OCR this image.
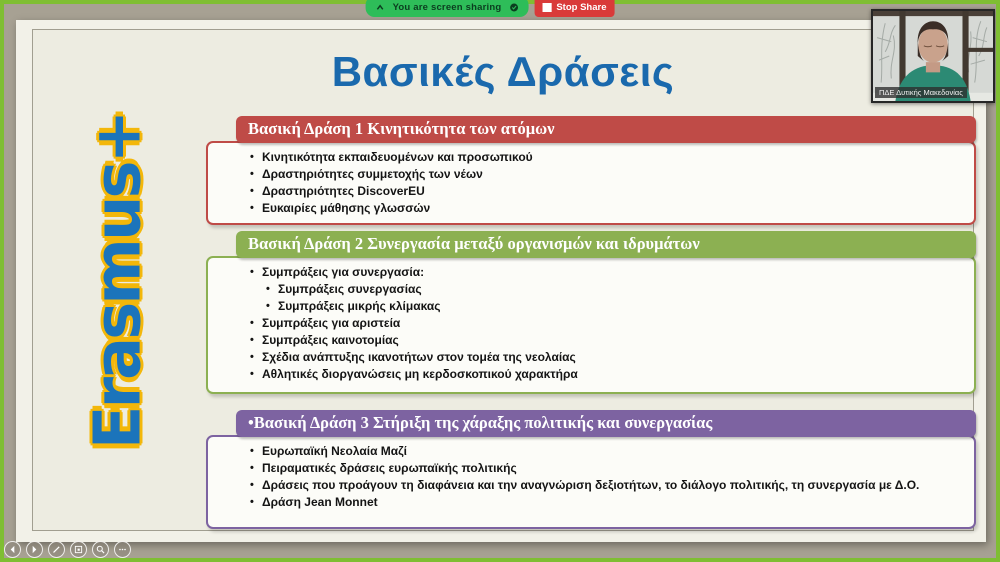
You are screen sharing	Stop Share
Βασικές Δράσεις
Erasmus+	Βασική Δράση 1 Κινητικότητα των ατόμων
• Κινητικότητα εκπαιδευομένων και προσωπικού
• Δραστηριότητες συμμετοχής των νέων
• Δραστηριότητες DiscoverEU
• Ευκαιρίες μάθησης γλωσσών
Βασική Δράση 2 Συνεργασία μεταξύ οργανισμών και ιδρυμάτων
• Συμπράξεις για συνεργασία:
• Συμπράξεις συνεργασίας
• Συμπράξεις μικρής κλίμακας
• Συμπράξεις για αριστεία
• Συμπράξεις καινοτομίας
• Σχέδια ανάπτυξης ικανοτήτων στον τομέα της νεολαίας
• Αθλητικές διοργανώσεις μη κερδοσκοπικού χαρακτήρα
•Βασική Δράση 3 Στήριξη της χάραξης πολιτικής και συνεργασίας
• Ευρωπαϊκή Νεολαία Μαζί
• Πειραματικές δράσεις ευρωπαϊκής πολιτικής
• Δράσεις που προάγουν τη διαφάνεια και την αναγνώριση δεξιοτήτων, το διάλογο πολιτικής, τη συνεργασία με Δ.Ο.
• Δράση Jean Monnet
ΠΔΕ Δυτικής Μακεδονίας
